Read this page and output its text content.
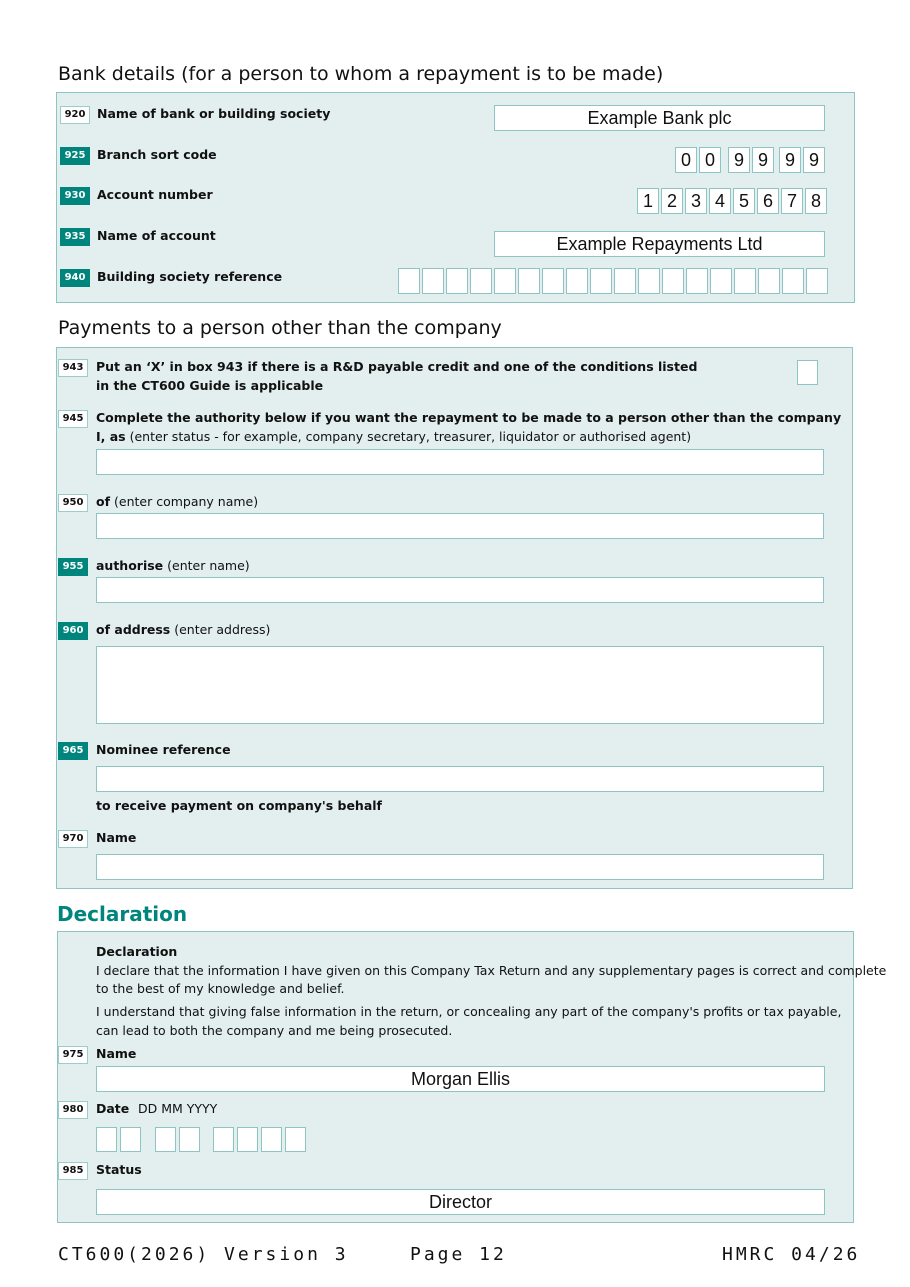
Bank details (for a person to whom a repayment is to be made)
920 Name of bank or building society	Example Bank plc
925 Branch sort code	0 0	9 9 9 9
930 Account number	1 2 3 4 5 6 7 8
935 Name of account	Example Repayments Ltd
940 Building society reference
Payments to a person other than the company
943	Put an ‘X’ in box 943 if there is a R&D payable credit and one of the conditions listed
in the CT600 Guide is applicable
945	Complete the authority below if you want the repayment to be made to a person other than the company
I, as (enter status - for example, company secretary, treasurer, liquidator or authorised agent)
950	of (enter company name)
955	authorise (enter name)
960	of address (enter address)
965	Nominee reference
to receive payment on company's behalf
970	Name
Declaration
Declaration
I declare that the information I have given on this Company Tax Return and any supplementary pages is correct and complete
to the best of my knowledge and belief.
I understand that giving false information in the return, or concealing any part of the company's profits or tax payable,
can lead to both the company and me being prosecuted.
975	Name
Morgan Ellis
980	Date DD MM YYYY
985	Status
Director
CT600(2026) Version 3	Page 12	HMRC 04/26
